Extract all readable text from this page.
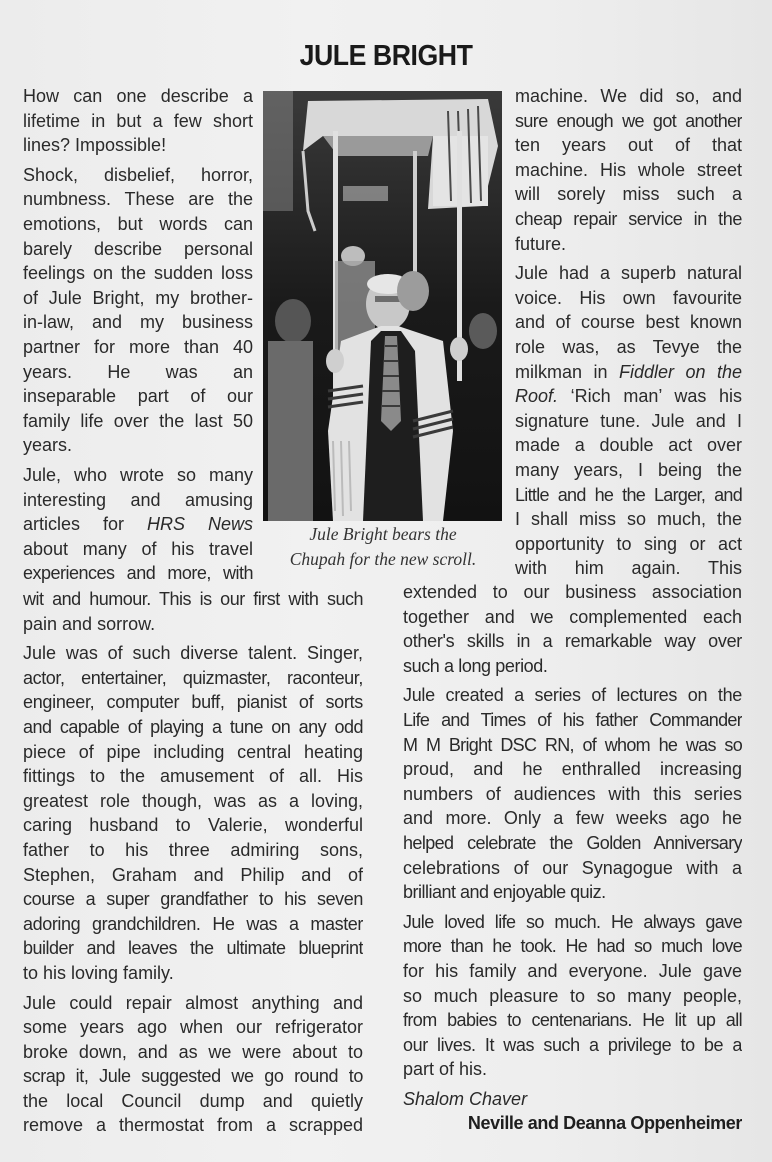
JULE BRIGHT
How can one describe a
lifetime in but a few short
lines? Impossible!
Shock, disbelief, horror,
numbness. These are the
emotions, but words can
barely describe personal
feelings on the sudden loss
of Jule Bright, my brother-
in-law, and my business
partner for more than 40
years. He was an
inseparable part of our
family life over the last 50
years.
Jule, who wrote so many
interesting and amusing
articles for HRS News
about many of his travel
experiences and more, with
Jule Bright bears the
Chupah for the new scroll.
machine. We did so, and
sure enough we got another
ten years out of that
machine. His whole street
will sorely miss such a
cheap repair service in the
future.
Jule had a superb natural
voice. His own favourite
and of course best known
role was, as Tevye the
milkman in Fiddler on the
Roof. ‘Rich man’ was his
signature tune. Jule and I
made a double act over
many years, I being the
Little and he the Larger, and
I shall miss so much, the
opportunity to sing or act
with him again. This
wit and humour. This is our first with such
pain and sorrow.
Jule was of such diverse talent. Singer,
actor, entertainer, quizmaster, raconteur,
engineer, computer buff, pianist of sorts
and capable of playing a tune on any odd
piece of pipe including central heating
fittings to the amusement of all. His
greatest role though, was as a loving,
caring husband to Valerie, wonderful
father to his three admiring sons,
Stephen, Graham and Philip and of
course a super grandfather to his seven
adoring grandchildren. He was a master
builder and leaves the ultimate blueprint
to his loving family.
Jule could repair almost anything and
some years ago when our refrigerator
broke down, and as we were about to
scrap it, Jule suggested we go round to
the local Council dump and quietly
remove a thermostat from a scrapped
extended to our business association
together and we complemented each
other's skills in a remarkable way over
such a long period.
Jule created a series of lectures on the
Life and Times of his father Commander
M M Bright DSC RN, of whom he was so
proud, and he enthralled increasing
numbers of audiences with this series
and more. Only a few weeks ago he
helped celebrate the Golden Anniversary
celebrations of our Synagogue with a
brilliant and enjoyable quiz.
Jule loved life so much. He always gave
more than he took. He had so much love
for his family and everyone. Jule gave
so much pleasure to so many people,
from babies to centenarians. He lit up all
our lives. It was such a privilege to be a
part of his.
Shalom Chaver
Neville and Deanna Oppenheimer
